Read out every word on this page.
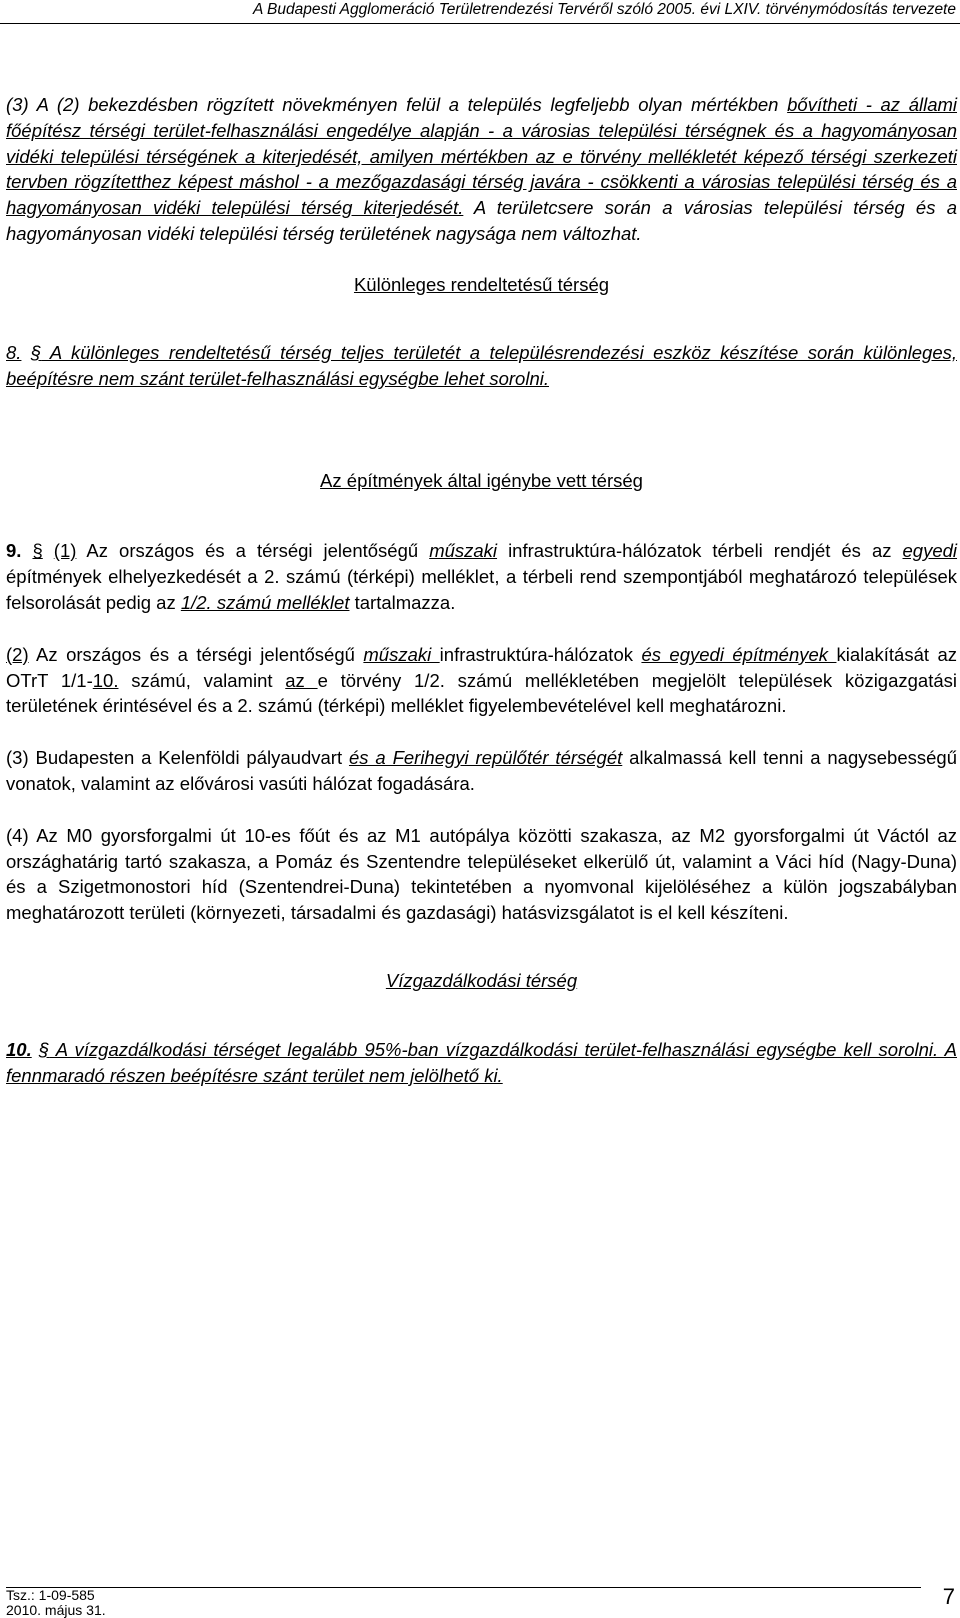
A Budapesti Agglomeráció Területrendezési Tervéről szóló 2005. évi LXIV. törvénymódosítás tervezete

(3) A (2) bekezdésben rögzített növekményen felül a település legfeljebb olyan mértékben bővítheti - az állami főépítész térségi terület-felhasználási engedélye alapján - a városias települési térségnek és a hagyományosan vidéki települési térségének a kiterjedését, amilyen mértékben az e törvény mellékletét képező térségi szerkezeti tervben rögzítetthez képest máshol - a mezőgazdasági térség javára - csökkenti a városias települési térség és a hagyományosan vidéki települési térség kiterjedését. A területcsere során a városias települési térség és a hagyományosan vidéki települési térség területének nagysága nem változhat.

Különleges rendeltetésű térség

8. § A különleges rendeltetésű térség teljes területét a településrendezési eszköz készítése során különleges, beépítésre nem szánt terület-felhasználási egységbe lehet sorolni.

Az építmények által igénybe vett térség

9. § (1) Az országos és a térségi jelentőségű műszaki infrastruktúra-hálózatok térbeli rendjét és az egyedi építmények elhelyezkedését a 2. számú (térképi) melléklet, a térbeli rend szempontjából meghatározó települések felsorolását pedig az 1/2. számú melléklet tartalmazza.

(2) Az országos és a térségi jelentőségű műszaki infrastruktúra-hálózatok és egyedi építmények kialakítását az OTrT 1/1-10. számú, valamint az e törvény 1/2. számú mellékletében megjelölt települések közigazgatási területének érintésével és a 2. számú (térképi) melléklet figyelembevételével kell meghatározni.

(3) Budapesten a Kelenföldi pályaudvart és a Ferihegyi repülőtér térségét alkalmassá kell tenni a nagysebességű vonatok, valamint az elővárosi vasúti hálózat fogadására.

(4) Az M0 gyorsforgalmi út 10-es főút és az M1 autópálya közötti szakasza, az M2 gyorsforgalmi út Váctól az országhatárig tartó szakasza, a Pomáz és Szentendre településeket elkerülő út, valamint a Váci híd (Nagy-Duna) és a Szigetmonostori híd (Szentendrei-Duna) tekintetében a nyomvonal kijelöléséhez a külön jogszabályban meghatározott területi (környezeti, társadalmi és gazdasági) hatásvizsgálatot is el kell készíteni.

Vízgazdálkodási térség

10. § A vízgazdálkodási térséget legalább 95%-ban vízgazdálkodási terület-felhasználási egységbe kell sorolni. A fennmaradó részen beépítésre szánt terület nem jelölhető ki.

Tsz.: 1-09-585
2010. május 31.
7
